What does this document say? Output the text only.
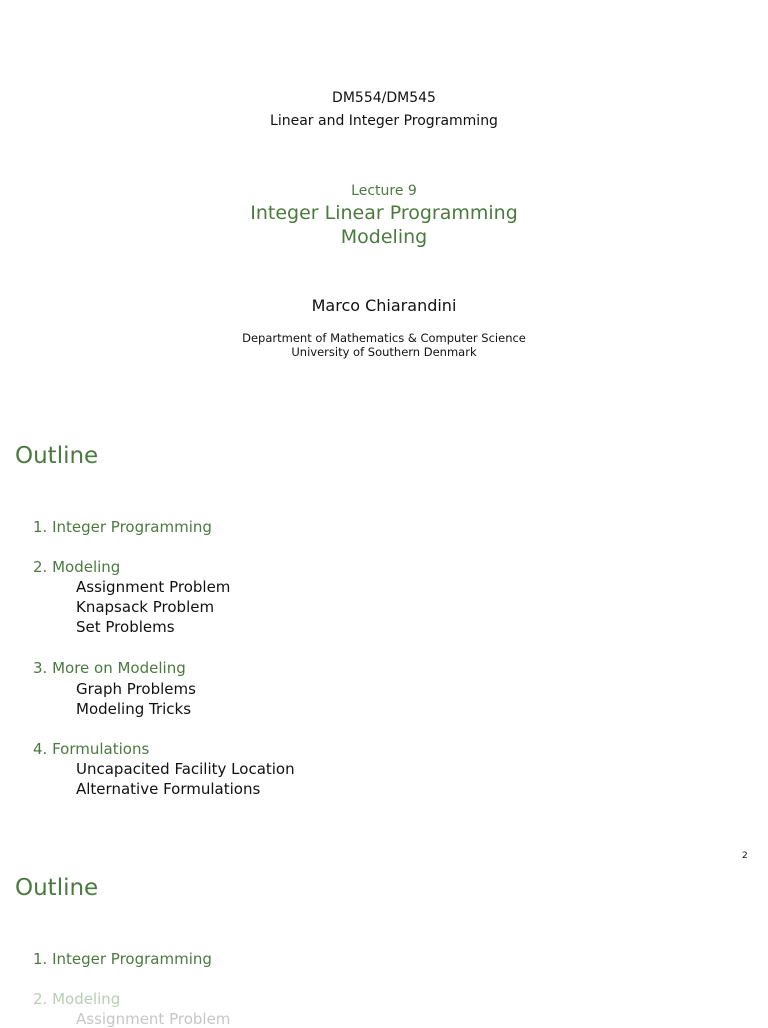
DM554/DM545
Linear and Integer Programming
Lecture 9
Integer Linear Programming
Modeling
Marco Chiarandini
Department of Mathematics & Computer Science
University of Southern Denmark
Outline
1. Integer Programming
2. Modeling
Assignment Problem
Knapsack Problem
Set Problems
3. More on Modeling
Graph Problems
Modeling Tricks
4. Formulations
Uncapacited Facility Location
Alternative Formulations
2
Outline
1. Integer Programming
2. Modeling
Assignment Problem
